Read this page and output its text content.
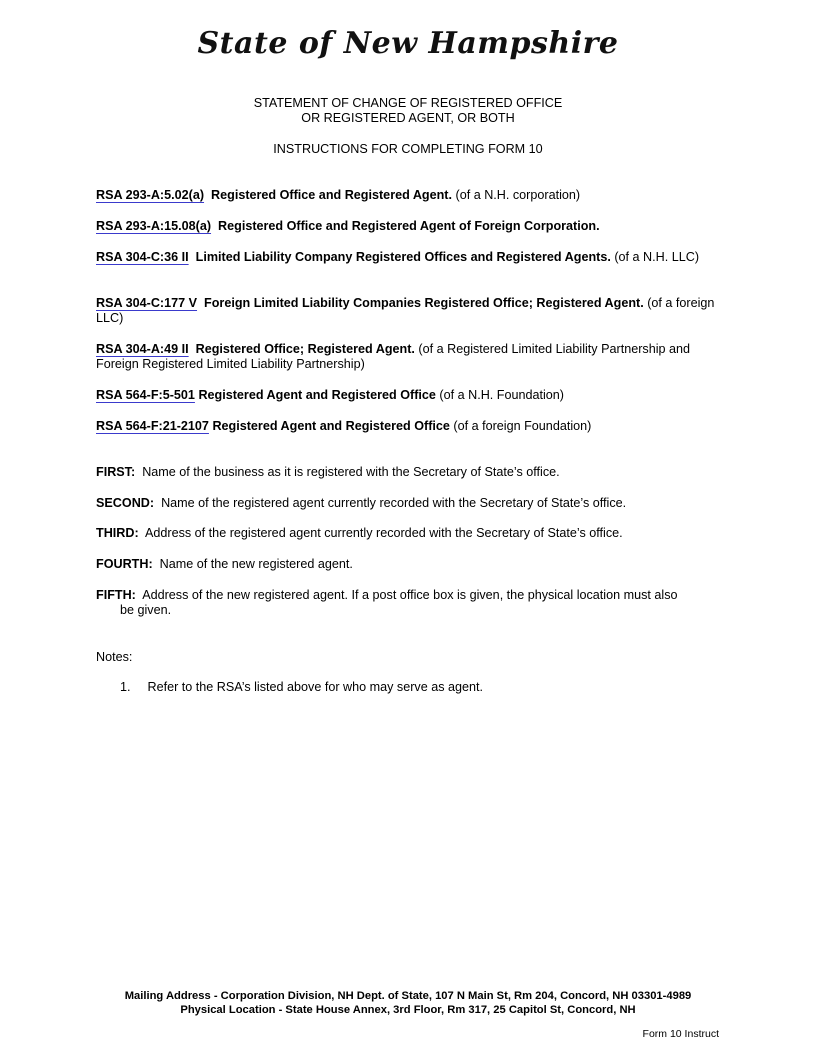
State of New Hampshire
STATEMENT OF CHANGE OF REGISTERED OFFICE
OR REGISTERED AGENT, OR BOTH
INSTRUCTIONS FOR COMPLETING FORM 10
RSA 293-A:5.02(a) Registered Office and Registered Agent. (of a N.H. corporation)
RSA 293-A:15.08(a) Registered Office and Registered Agent of Foreign Corporation.
RSA 304-C:36 II Limited Liability Company Registered Offices and Registered Agents. (of a N.H. LLC)
RSA 304-C:177 V Foreign Limited Liability Companies Registered Office; Registered Agent. (of a foreign LLC)
RSA 304-A:49 II Registered Office; Registered Agent. (of a Registered Limited Liability Partnership and Foreign Registered Limited Liability Partnership)
RSA 564-F:5-501 Registered Agent and Registered Office (of a N.H. Foundation)
RSA 564-F:21-2107 Registered Agent and Registered Office (of a foreign Foundation)
FIRST: Name of the business as it is registered with the Secretary of State’s office.
SECOND: Name of the registered agent currently recorded with the Secretary of State’s office.
THIRD: Address of the registered agent currently recorded with the Secretary of State’s office.
FOURTH: Name of the new registered agent.
FIFTH: Address of the new registered agent. If a post office box is given, the physical location must also be given.
Notes:
1. Refer to the RSA’s listed above for who may serve as agent.
Mailing Address - Corporation Division, NH Dept. of State, 107 N Main St, Rm 204, Concord, NH 03301-4989
Physical Location - State House Annex, 3rd Floor, Rm 317, 25 Capitol St, Concord, NH
Form 10 Instruct
